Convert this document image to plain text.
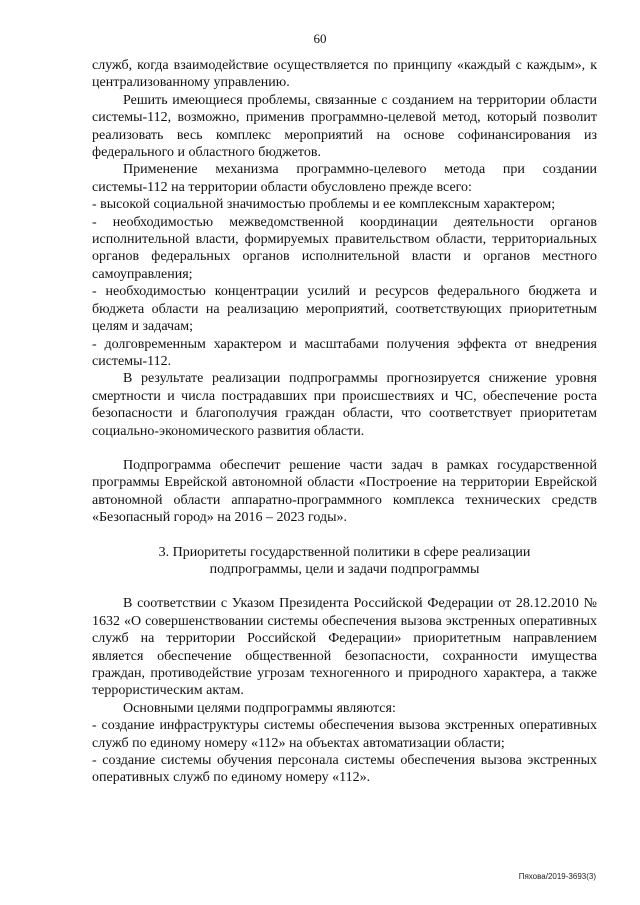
60

служб, когда взаимодействие осуществляется по принципу «каждый с каждым», к централизованному управлению.

Решить имеющиеся проблемы, связанные с созданием на территории области системы-112, возможно, применив программно-целевой метод, который позволит реализовать весь комплекс мероприятий на основе софинансирования из федерального и областного бюджетов.

Применение механизма программно-целевого метода при создании системы-112 на территории области обусловлено прежде всего:

- высокой социальной значимостью проблемы и ее комплексным характером;

- необходимостью межведомственной координации деятельности органов исполнительной власти, формируемых правительством области, территориальных органов федеральных органов исполнительной власти и органов местного самоуправления;

- необходимостью концентрации усилий и ресурсов федерального бюджета и бюджета области на реализацию мероприятий, соответствующих приоритетным целям и задачам;

- долговременным характером и масштабами получения эффекта от внедрения системы-112.

В результате реализации подпрограммы прогнозируется снижение уровня смертности и числа пострадавших при происшествиях и ЧС, обеспечение роста безопасности и благополучия граждан области, что соответствует приоритетам социально-экономического развития области.

Подпрограмма обеспечит решение части задач в рамках государственной программы Еврейской автономной области «Построение на территории Еврейской автономной области аппаратно-программного комплекса технических средств «Безопасный город» на 2016 – 2023 годы».

3. Приоритеты государственной политики в сфере реализации
подпрограммы, цели и задачи подпрограммы

В соответствии с Указом Президента Российской Федерации от 28.12.2010 № 1632 «О совершенствовании системы обеспечения вызова экстренных оперативных служб на территории Российской Федерации» приоритетным направлением является обеспечение общественной безопасности, сохранности имущества граждан, противодействие угрозам техногенного и природного характера, а также террористическим актам.

Основными целями подпрограммы являются:

- создание инфраструктуры системы обеспечения вызова экстренных оперативных служб по единому номеру «112» на объектах автоматизации области;

- создание системы обучения персонала системы обеспечения вызова экстренных оперативных служб по единому номеру «112».

Пяхова/2019-3693(3)
